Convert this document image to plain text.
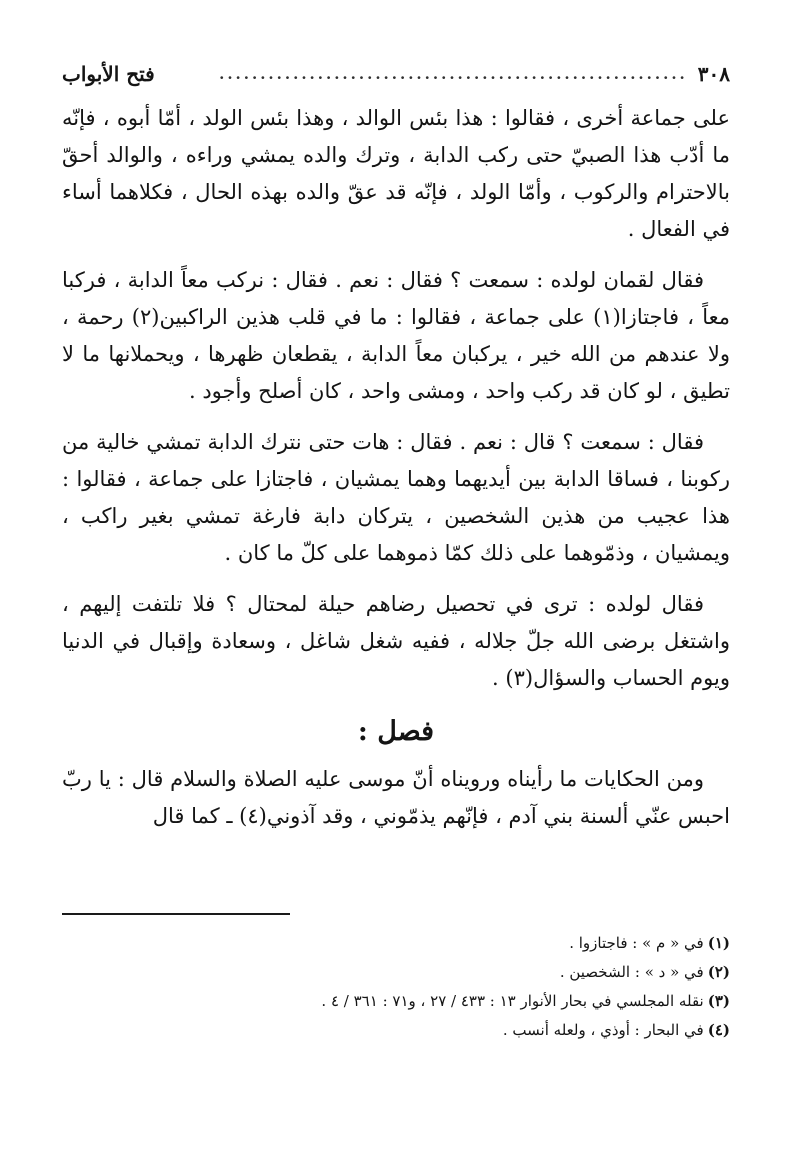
٣٠٨
.........................................................
فتح الأبواب

على جماعة أخرى ، فقالوا : هذا بئس الوالد ، وهذا بئس الولد ، أمّا أبوه ، فإنّه ما أدّب هذا الصبيّ حتى ركب الدابة ، وترك والده يمشي وراءه ، والوالد أحقّ بالاحترام والركوب ، وأمّا الولد ، فإنّه قد عقّ والده بهذه الحال ، فكلاهما أساء في الفعال .

فقال لقمان لولده : سمعت ؟ فقال : نعم . فقال : نركب معاً الدابة ، فركبا معاً ، فاجتازا(١) على جماعة ، فقالوا : ما في قلب هذين الراكبين(٢) رحمة ، ولا عندهم من الله خير ، يركبان معاً الدابة ، يقطعان ظهرها ، ويحملانها ما لا تطيق ، لو كان قد ركب واحد ، ومشى واحد ، كان أصلح وأجود .

فقال : سمعت ؟ قال : نعم . فقال : هات حتى نترك الدابة تمشي خالية من ركوبنا ، فساقا الدابة بين أيديهما وهما يمشيان ، فاجتازا على جماعة ، فقالوا : هذا عجيب من هذين الشخصين ، يتركان دابة فارغة تمشي بغير راكب ، ويمشيان ، وذمّوهما على ذلك كمّا ذموهما على كلّ ما كان .

فقال لولده : ترى في تحصيل رضاهم حيلة لمحتال ؟ فلا تلتفت إليهم ، واشتغل برضى الله جلّ جلاله ، ففيه شغل شاغل ، وسعادة وإقبال في الدنيا ويوم الحساب والسؤال(٣) .

فصل :

ومن الحكايات ما رأيناه ورويناه أنّ موسى عليه الصلاة والسلام قال : يا ربّ احبس عنّي ألسنة بني آدم ، فإنّهم يذمّوني ، وقد آذوني(٤) ـ كما قال

(١)في « م » : فاجتازوا .
(٢)في « د » : الشخصين .
(٣)نقله المجلسي في بحار الأنوار ١٣ : ٤٣٣ / ٢٧ ، و٧١ : ٣٦١ / ٤ .
(٤)في البحار : أوذي ، ولعله أنسب .
